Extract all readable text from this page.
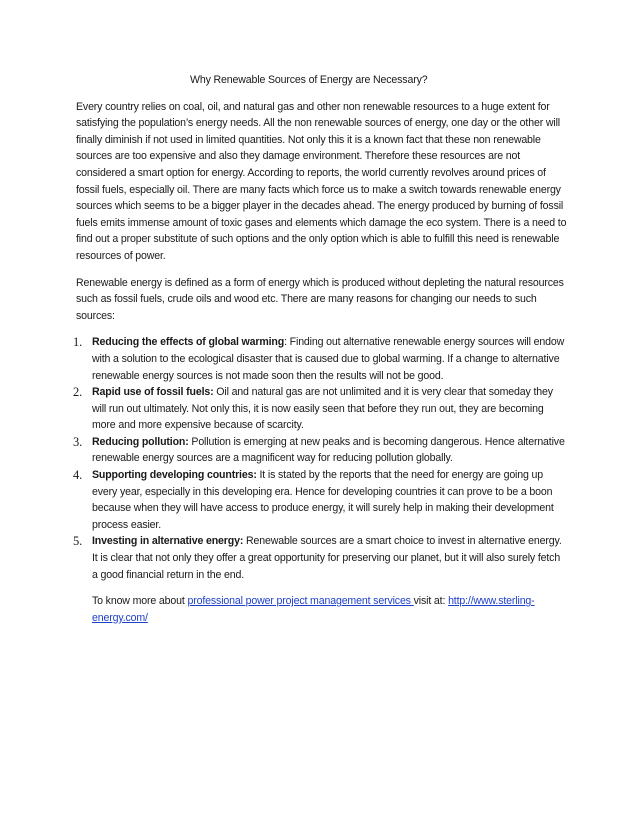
Why Renewable Sources of Energy are Necessary?

Every country relies on coal, oil, and natural gas and other non renewable resources to a huge extent for satisfying the population’s energy needs. All the non renewable sources of energy, one day or the other will finally diminish if not used in limited quantities. Not only this it is a known fact that these non renewable sources are too expensive and also they damage environment. Therefore these resources are not considered a smart option for energy. According to reports, the world currently revolves around prices of fossil fuels, especially oil. There are many facts which force us to make a switch towards renewable energy sources which seems to be a bigger player in the decades ahead. The energy produced by burning of fossil fuels emits immense amount of toxic gases and elements which damage the eco system. There is a need to find out a proper substitute of such options and the only option which is able to fulfill this need is renewable resources of power.

Renewable energy is defined as a form of energy which is produced without depleting the natural resources such as fossil fuels, crude oils and wood etc. There are many reasons for changing our needs to such sources:

1. Reducing the effects of global warming: Finding out alternative renewable energy sources will endow with a solution to the ecological disaster that is caused due to global warming. If a change to alternative renewable energy sources is not made soon then the results will not be good.
2. Rapid use of fossil fuels: Oil and natural gas are not unlimited and it is very clear that someday they will run out ultimately. Not only this, it is now easily seen that before they run out, they are becoming more and more expensive because of scarcity.
3. Reducing pollution: Pollution is emerging at new peaks and is becoming dangerous. Hence alternative renewable energy sources are a magnificent way for reducing pollution globally.
4. Supporting developing countries: It is stated by the reports that the need for energy are going up every year, especially in this developing era. Hence for developing countries it can prove to be a boon because when they will have access to produce energy, it will surely help in making their development process easier.
5. Investing in alternative energy: Renewable sources are a smart choice to invest in alternative energy. It is clear that not only they offer a great opportunity for preserving our planet, but it will also surely fetch a good financial return in the end.

To know more about professional power project management services visit at: http://www.sterling-energy.com/
